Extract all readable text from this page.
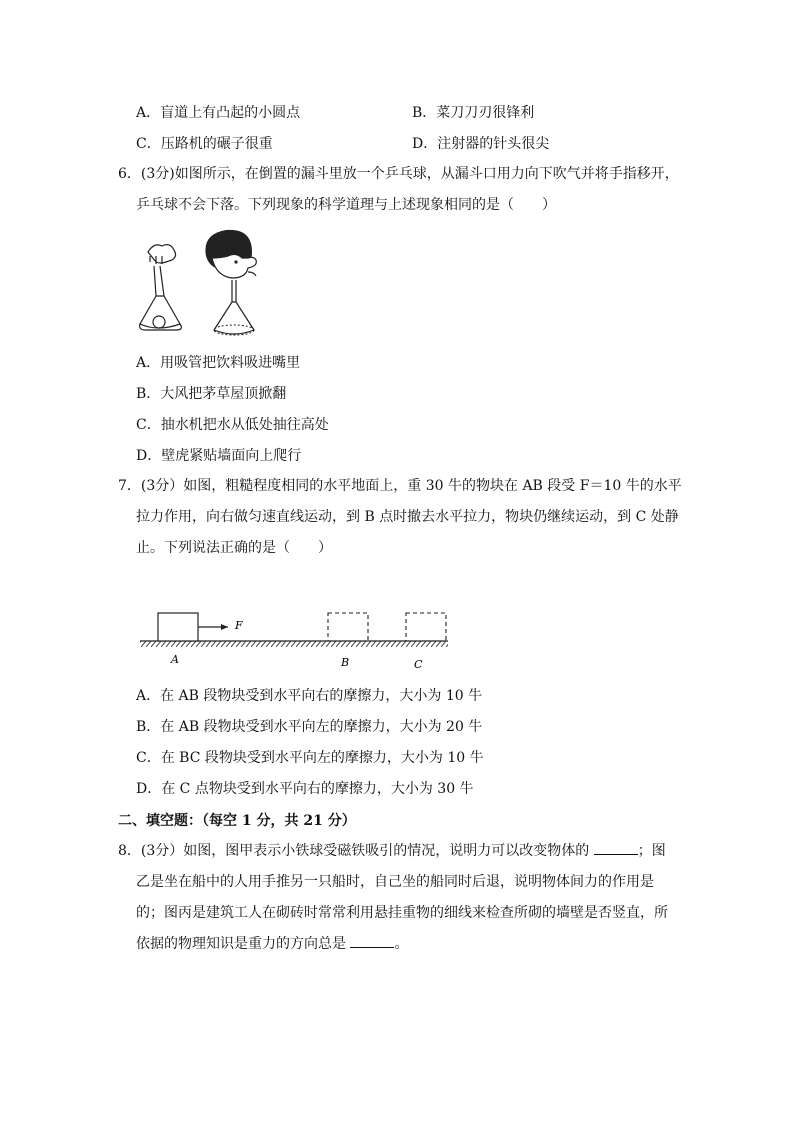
A．盲道上有凸起的小圆点	B．菜刀刀刃很锋利
C．压路机的碾子很重	D．注射器的针头很尖
6．(3分)如图所示，在倒置的漏斗里放一个乒乓球，从漏斗口用力向下吹气并将手指移开，
乒乓球不会下落。下列现象的科学道理与上述现象相同的是（　　）
A．用吸管把饮料吸进嘴里
B．大风把茅草屋顶掀翻
C．抽水机把水从低处抽往高处
D．壁虎紧贴墙面向上爬行
7．(3分）如图，粗糙程度相同的水平地面上，重 30 牛的物块在 AB 段受 F＝10 牛的水平
拉力作用，向右做匀速直线运动，到 B 点时撤去水平拉力，物块仍继续运动，到 C 处静
止。下列说法正确的是（　　）
F
A	B	C
A．在 AB 段物块受到水平向右的摩擦力，大小为 10 牛
B．在 AB 段物块受到水平向左的摩擦力，大小为 20 牛
C．在 BC 段物块受到水平向左的摩擦力，大小为 10 牛
D．在 C 点物块受到水平向右的摩擦力，大小为 30 牛
二、填空题：（每空 1 分，共 21 分）
8．(3分）如图，图甲表示小铁球受磁铁吸引的情况，说明力可以改变物体的	；图
乙是坐在船中的人用手推另一只船时，自己坐的船同时后退，说明物体间力的作用是
的；图丙是建筑工人在砌砖时常常利用悬挂重物的细线来检查所砌的墙壁是否竖直，所
依据的物理知识是重力的方向总是	。
